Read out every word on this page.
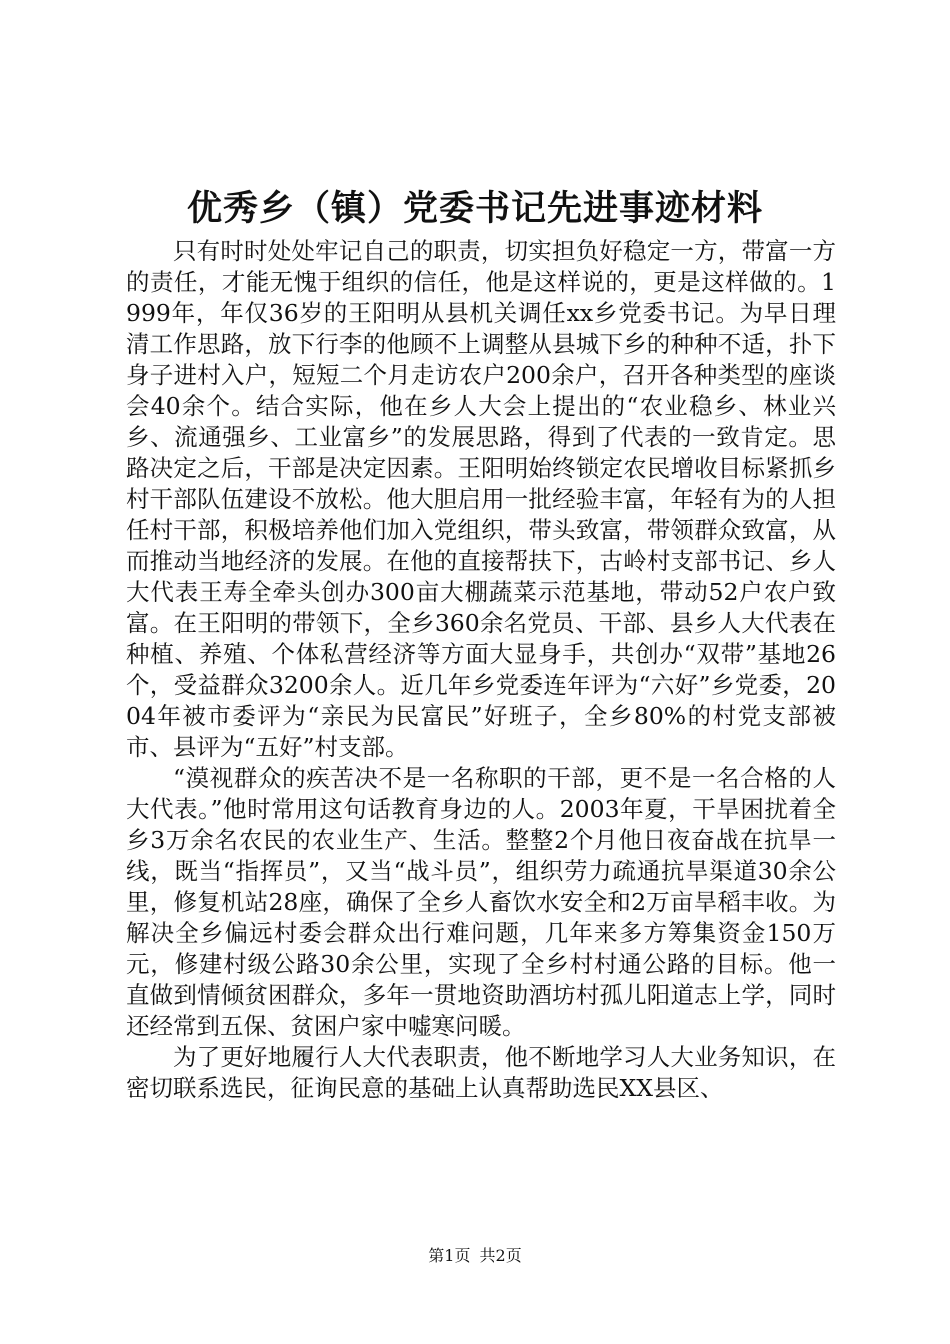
优秀乡（镇）党委书记先进事迹材料

只有时时处处牢记自己的职责，切实担负好稳定一方，带富一方的责任，才能无愧于组织的信任，他是这样说的，更是这样做的。1999年，年仅36岁的王阳明从县机关调任xx乡党委书记。为早日理清工作思路，放下行李的他顾不上调整从县城下乡的种种不适，扑下身子进村入户，短短二个月走访农户200余户，召开各种类型的座谈会40余个。结合实际，他在乡人大会上提出的“农业稳乡、林业兴乡、流通强乡、工业富乡”的发展思路，得到了代表的一致肯定。思路决定之后，干部是决定因素。王阳明始终锁定农民增收目标紧抓乡村干部队伍建设不放松。他大胆启用一批经验丰富，年轻有为的人担任村干部，积极培养他们加入党组织，带头致富，带领群众致富，从而推动当地经济的发展。在他的直接帮扶下，古岭村支部书记、乡人大代表王寿全牵头创办300亩大棚蔬菜示范基地，带动52户农户致富。在王阳明的带领下，全乡360余名党员、干部、县乡人大代表在种植、养殖、个体私营经济等方面大显身手，共创办“双带”基地26个，受益群众3200余人。近几年乡党委连年评为“六好”乡党委，2004年被市委评为“亲民为民富民”好班子，全乡80%的村党支部被市、县评为“五好”村支部。

“漠视群众的疾苦决不是一名称职的干部，更不是一名合格的人大代表。”他时常用这句话教育身边的人。2003年夏，干旱困扰着全乡3万余名农民的农业生产、生活。整整2个月他日夜奋战在抗旱一线，既当“指挥员”，又当“战斗员”，组织劳力疏通抗旱渠道30余公里，修复机站28座，确保了全乡人畜饮水安全和2万亩旱稻丰收。为解决全乡偏远村委会群众出行难问题，几年来多方筹集资金150万元，修建村级公路30余公里，实现了全乡村村通公路的目标。他一直做到情倾贫困群众，多年一贯地资助酒坊村孤儿阳道志上学，同时还经常到五保、贫困户家中嘘寒问暖。

为了更好地履行人大代表职责，他不断地学习人大业务知识，在密切联系选民，征询民意的基础上认真帮助选民XX县区、

第1页 共2页
